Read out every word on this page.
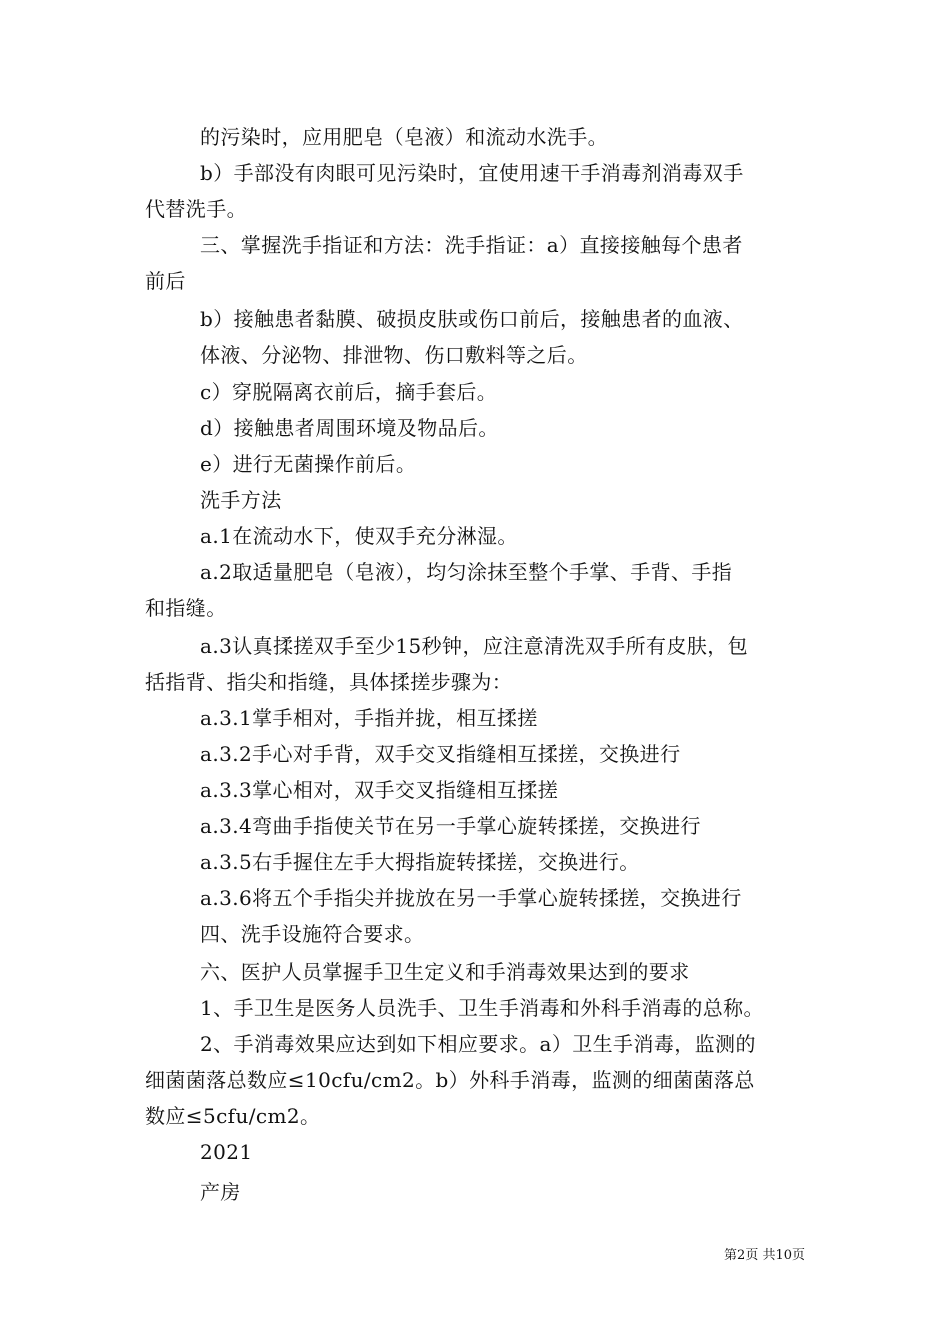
的污染时，应用肥皂（皂液）和流动水洗手。
b）手部没有肉眼可见污染时，宜使用速干手消毒剂消毒双手
代替洗手。
三、掌握洗手指证和方法：洗手指证：a）直接接触每个患者
前后
b）接触患者黏膜、破损皮肤或伤口前后，接触患者的血液、
体液、分泌物、排泄物、伤口敷料等之后。
c）穿脱隔离衣前后，摘手套后。
d）接触患者周围环境及物品后。
e）进行无菌操作前后。
洗手方法
a.1在流动水下，使双手充分淋湿。
a.2取适量肥皂（皂液），均匀涂抹至整个手掌、手背、手指
和指缝。
a.3认真揉搓双手至少15秒钟，应注意清洗双手所有皮肤，包
括指背、指尖和指缝，具体揉搓步骤为：
a.3.1掌手相对，手指并拢，相互揉搓
a.3.2手心对手背，双手交叉指缝相互揉搓，交换进行
a.3.3掌心相对，双手交叉指缝相互揉搓
a.3.4弯曲手指使关节在另一手掌心旋转揉搓，交换进行
a.3.5右手握住左手大拇指旋转揉搓，交换进行。
a.3.6将五个手指尖并拢放在另一手掌心旋转揉搓，交换进行
四、洗手设施符合要求。
六、医护人员掌握手卫生定义和手消毒效果达到的要求
1、手卫生是医务人员洗手、卫生手消毒和外科手消毒的总称。
2、手消毒效果应达到如下相应要求。a）卫生手消毒，监测的
细菌菌落总数应≤10cfu/cm2。b）外科手消毒，监测的细菌菌落总
数应≤5cfu/cm2。
2021
产房
第2页 共10页
